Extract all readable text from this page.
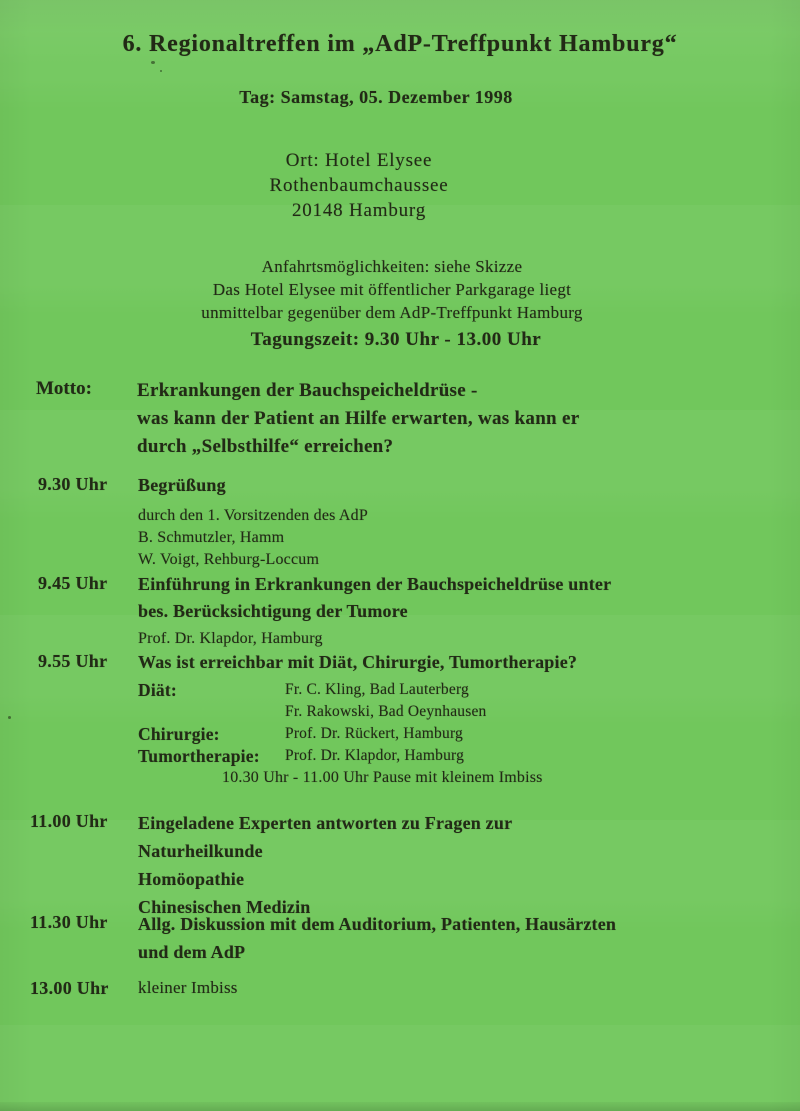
6. Regionaltreffen im „AdP-Treffpunkt Hamburg“
Tag: Samstag, 05. Dezember 1998
Ort: Hotel Elysee
Rothenbaumchaussee
20148 Hamburg
Anfahrtsmöglichkeiten: siehe Skizze
Das Hotel Elysee mit öffentlicher Parkgarage liegt
unmittelbar gegenüber dem AdP-Treffpunkt Hamburg
Tagungszeit: 9.30 Uhr - 13.00 Uhr
Motto: Erkrankungen der Bauchspeicheldrüse -
was kann der Patient an Hilfe erwarten, was kann er
durch „Selbsthilfe“ erreichen?
9.30 Uhr Begrüßung
durch den 1. Vorsitzenden des AdP
B. Schmutzler, Hamm
W. Voigt, Rehburg-Loccum
9.45 Uhr Einführung in Erkrankungen der Bauchspeicheldrüse unter
bes. Berücksichtigung der Tumore
Prof. Dr. Klapdor, Hamburg
9.55 Uhr Was ist erreichbar mit Diät, Chirurgie, Tumortherapie?
Diät:	Fr. C. Kling, Bad Lauterberg
Fr. Rakowski, Bad Oeynhausen
Chirurgie:	Prof. Dr. Rückert, Hamburg
Tumortherapie:	Prof. Dr. Klapdor, Hamburg
10.30 Uhr - 11.00 Uhr Pause mit kleinem Imbiss
11.00 Uhr Eingeladene Experten antworten zu Fragen zur
Naturheilkunde
Homöopathie
Chinesischen Medizin
11.30 Uhr Allg. Diskussion mit dem Auditorium, Patienten, Hausärzten
und dem AdP
13.00 Uhr kleiner Imbiss
